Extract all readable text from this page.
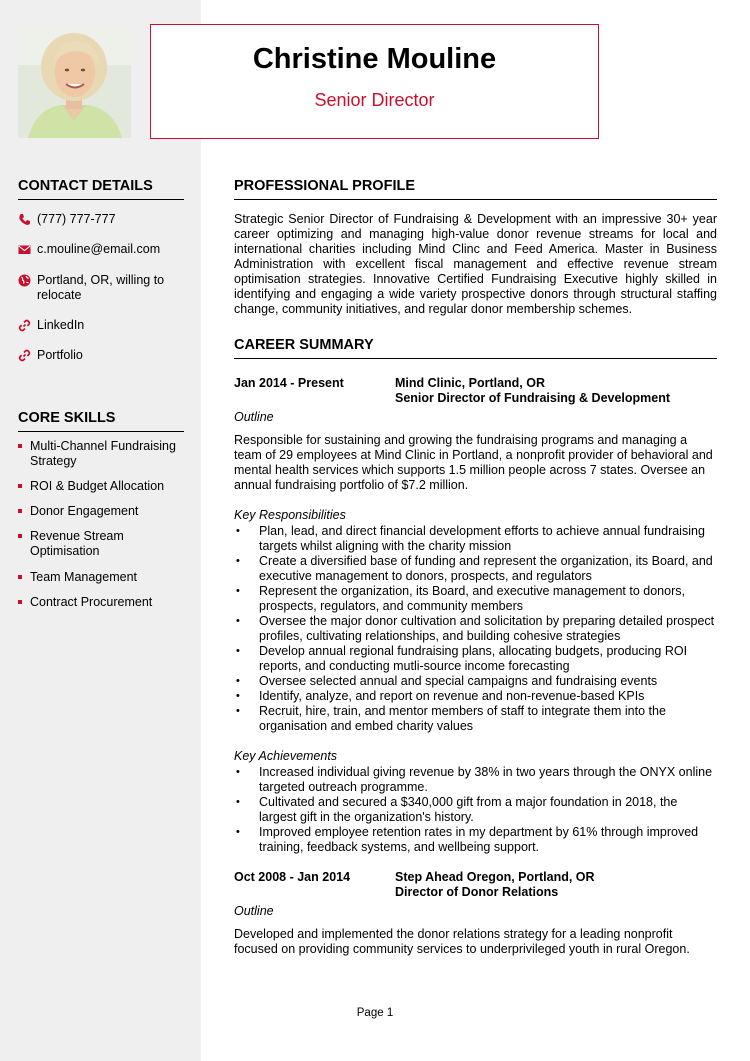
Christine Mouline
Senior Director
CONTACT DETAILS
(777) 777-777
c.mouline@email.com
Portland, OR, willing to relocate
LinkedIn
Portfolio
CORE SKILLS
Multi-Channel Fundraising Strategy
ROI & Budget Allocation
Donor Engagement
Revenue Stream Optimisation
Team Management
Contract Procurement
PROFESSIONAL PROFILE
Strategic Senior Director of Fundraising & Development with an impressive 30+ year career optimizing and managing high-value donor revenue streams for local and international charities including Mind Clinc and Feed America. Master in Business Administration with excellent fiscal management and effective revenue stream optimisation strategies. Innovative Certified Fundraising Executive highly skilled in identifying and engaging a wide variety prospective donors through structural staffing change, community initiatives, and regular donor membership schemes.
CAREER SUMMARY
Jan 2014 - Present	Mind Clinic, Portland, OR
Senior Director of Fundraising & Development
Outline
Responsible for sustaining and growing the fundraising programs and managing a team of 29 employees at Mind Clinic in Portland, a nonprofit provider of behavioral and mental health services which supports 1.5 million people across 7 states. Oversee an annual fundraising portfolio of $7.2 million.
Key Responsibilities
• Plan, lead, and direct financial development efforts to achieve annual fundraising targets whilst aligning with the charity mission
• Create a diversified base of funding and represent the organization, its Board, and executive management to donors, prospects, and regulators
• Represent the organization, its Board, and executive management to donors, prospects, regulators, and community members
• Oversee the major donor cultivation and solicitation by preparing detailed prospect profiles, cultivating relationships, and building cohesive strategies
• Develop annual regional fundraising plans, allocating budgets, producing ROI reports, and conducting mutli-source income forecasting
• Oversee selected annual and special campaigns and fundraising events
• Identify, analyze, and report on revenue and non-revenue-based KPIs
• Recruit, hire, train, and mentor members of staff to integrate them into the organisation and embed charity values
Key Achievements
• Increased individual giving revenue by 38% in two years through the ONYX online targeted outreach programme.
• Cultivated and secured a $340,000 gift from a major foundation in 2018, the largest gift in the organization's history.
• Improved employee retention rates in my department by 61% through improved training, feedback systems, and wellbeing support.
Oct 2008 - Jan 2014	Step Ahead Oregon, Portland, OR
Director of Donor Relations
Outline
Developed and implemented the donor relations strategy for a leading nonprofit focused on providing community services to underprivileged youth in rural Oregon.
Page 1
